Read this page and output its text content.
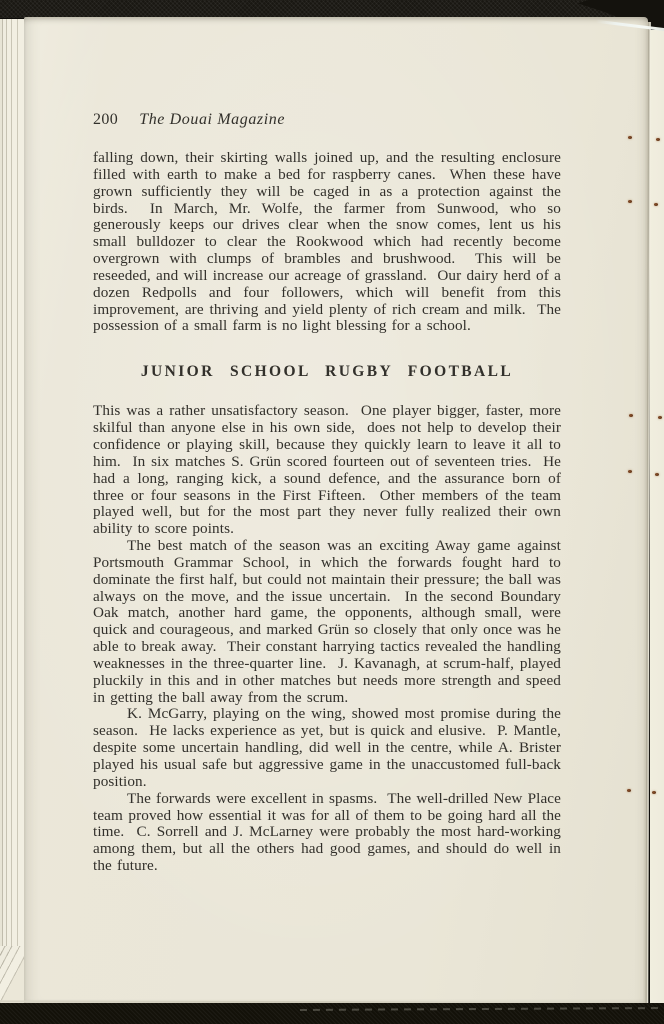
200 The Douai Magazine

falling down, their skirting walls joined up, and the resulting enclosure filled with earth to make a bed for raspberry canes.  When these have grown sufficiently they will be caged in as a protection against the birds.  In March, Mr. Wolfe, the farmer from Sunwood, who so generously keeps our drives clear when the snow comes, lent us his small bulldozer to clear the Rookwood which had recently become overgrown with clumps of brambles and brushwood.  This will be reseeded, and will increase our acreage of grassland.  Our dairy herd of a dozen Redpolls and four followers, which will benefit from this improvement, are thriving and yield plenty of rich cream and milk.  The possession of a small farm is no light blessing for a school.

JUNIOR SCHOOL RUGBY FOOTBALL

This was a rather unsatisfactory season.  One player bigger, faster, more skilful than anyone else in his own side,  does not help to develop their confidence or playing skill, because they quickly learn to leave it all to him.  In six matches S. Grün scored fourteen out of seventeen tries.  He had a long, ranging kick, a sound defence, and the assurance born of three or four seasons in the First Fifteen.  Other members of the team played well, but for the most part they never fully realized their own ability to score points.

The best match of the season was an exciting Away game against Portsmouth Grammar School, in which the forwards fought hard to dominate the first half, but could not maintain their pressure; the ball was always on the move, and the issue uncertain.  In the second Boundary Oak match, another hard game, the opponents, although small, were quick and courageous, and marked Grün so closely that only once was he able to break away.  Their constant harrying tactics revealed the handling weaknesses in the three-quarter line.  J. Kavanagh, at scrum-half, played pluckily in this and in other matches but needs more strength and speed in getting the ball away from the scrum.

K. McGarry, playing on the wing, showed most promise during the season.  He lacks experience as yet, but is quick and elusive.  P. Mantle, despite some uncertain handling, did well in the centre, while A. Brister played his usual safe but aggressive game in the unaccustomed full-back position.

The forwards were excellent in spasms.  The well-drilled New Place team proved how essential it was for all of them to be going hard all the time.  C. Sorrell and J. McLarney were probably the most hard-working among them, but all the others had good games, and should do well in the future.
